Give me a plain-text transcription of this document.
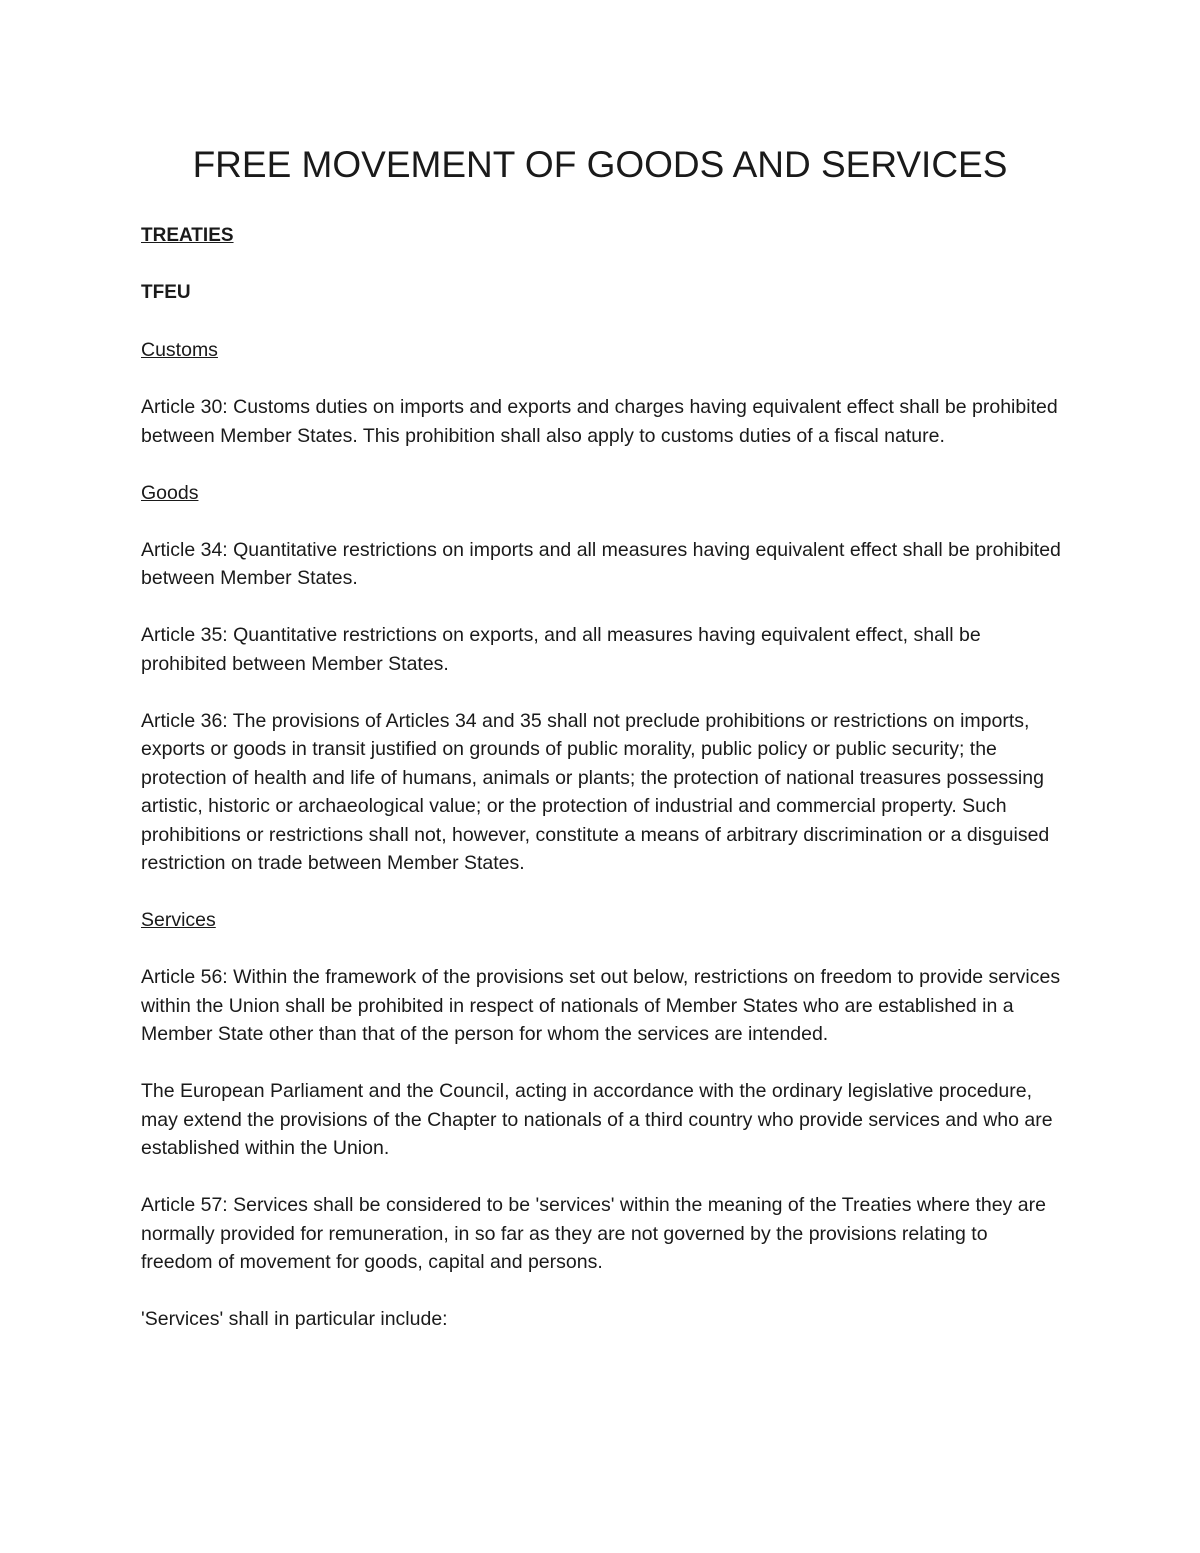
FREE MOVEMENT OF GOODS AND SERVICES
TREATIES
TFEU
Customs

Article 30: Customs duties on imports and exports and charges having equivalent effect shall be prohibited between Member States. This prohibition shall also apply to customs duties of a fiscal nature.

Goods

Article 34: Quantitative restrictions on imports and all measures having equivalent effect shall be prohibited between Member States.

Article 35: Quantitative restrictions on exports, and all measures having equivalent effect, shall be prohibited between Member States.

Article 36: The provisions of Articles 34 and 35 shall not preclude prohibitions or restrictions on imports, exports or goods in transit justified on grounds of public morality, public policy or public security; the protection of health and life of humans, animals or plants; the protection of national treasures possessing artistic, historic or archaeological value; or the protection of industrial and commercial property. Such prohibitions or restrictions shall not, however, constitute a means of arbitrary discrimination or a disguised restriction on trade between Member States.

Services

Article 56: Within the framework of the provisions set out below, restrictions on freedom to provide services within the Union shall be prohibited in respect of nationals of Member States who are established in a Member State other than that of the person for whom the services are intended.

The European Parliament and the Council, acting in accordance with the ordinary legislative procedure, may extend the provisions of the Chapter to nationals of a third country who provide services and who are established within the Union.

Article 57: Services shall be considered to be 'services' within the meaning of the Treaties where they are normally provided for remuneration, in so far as they are not governed by the provisions relating to freedom of movement for goods, capital and persons.

'Services' shall in particular include:
